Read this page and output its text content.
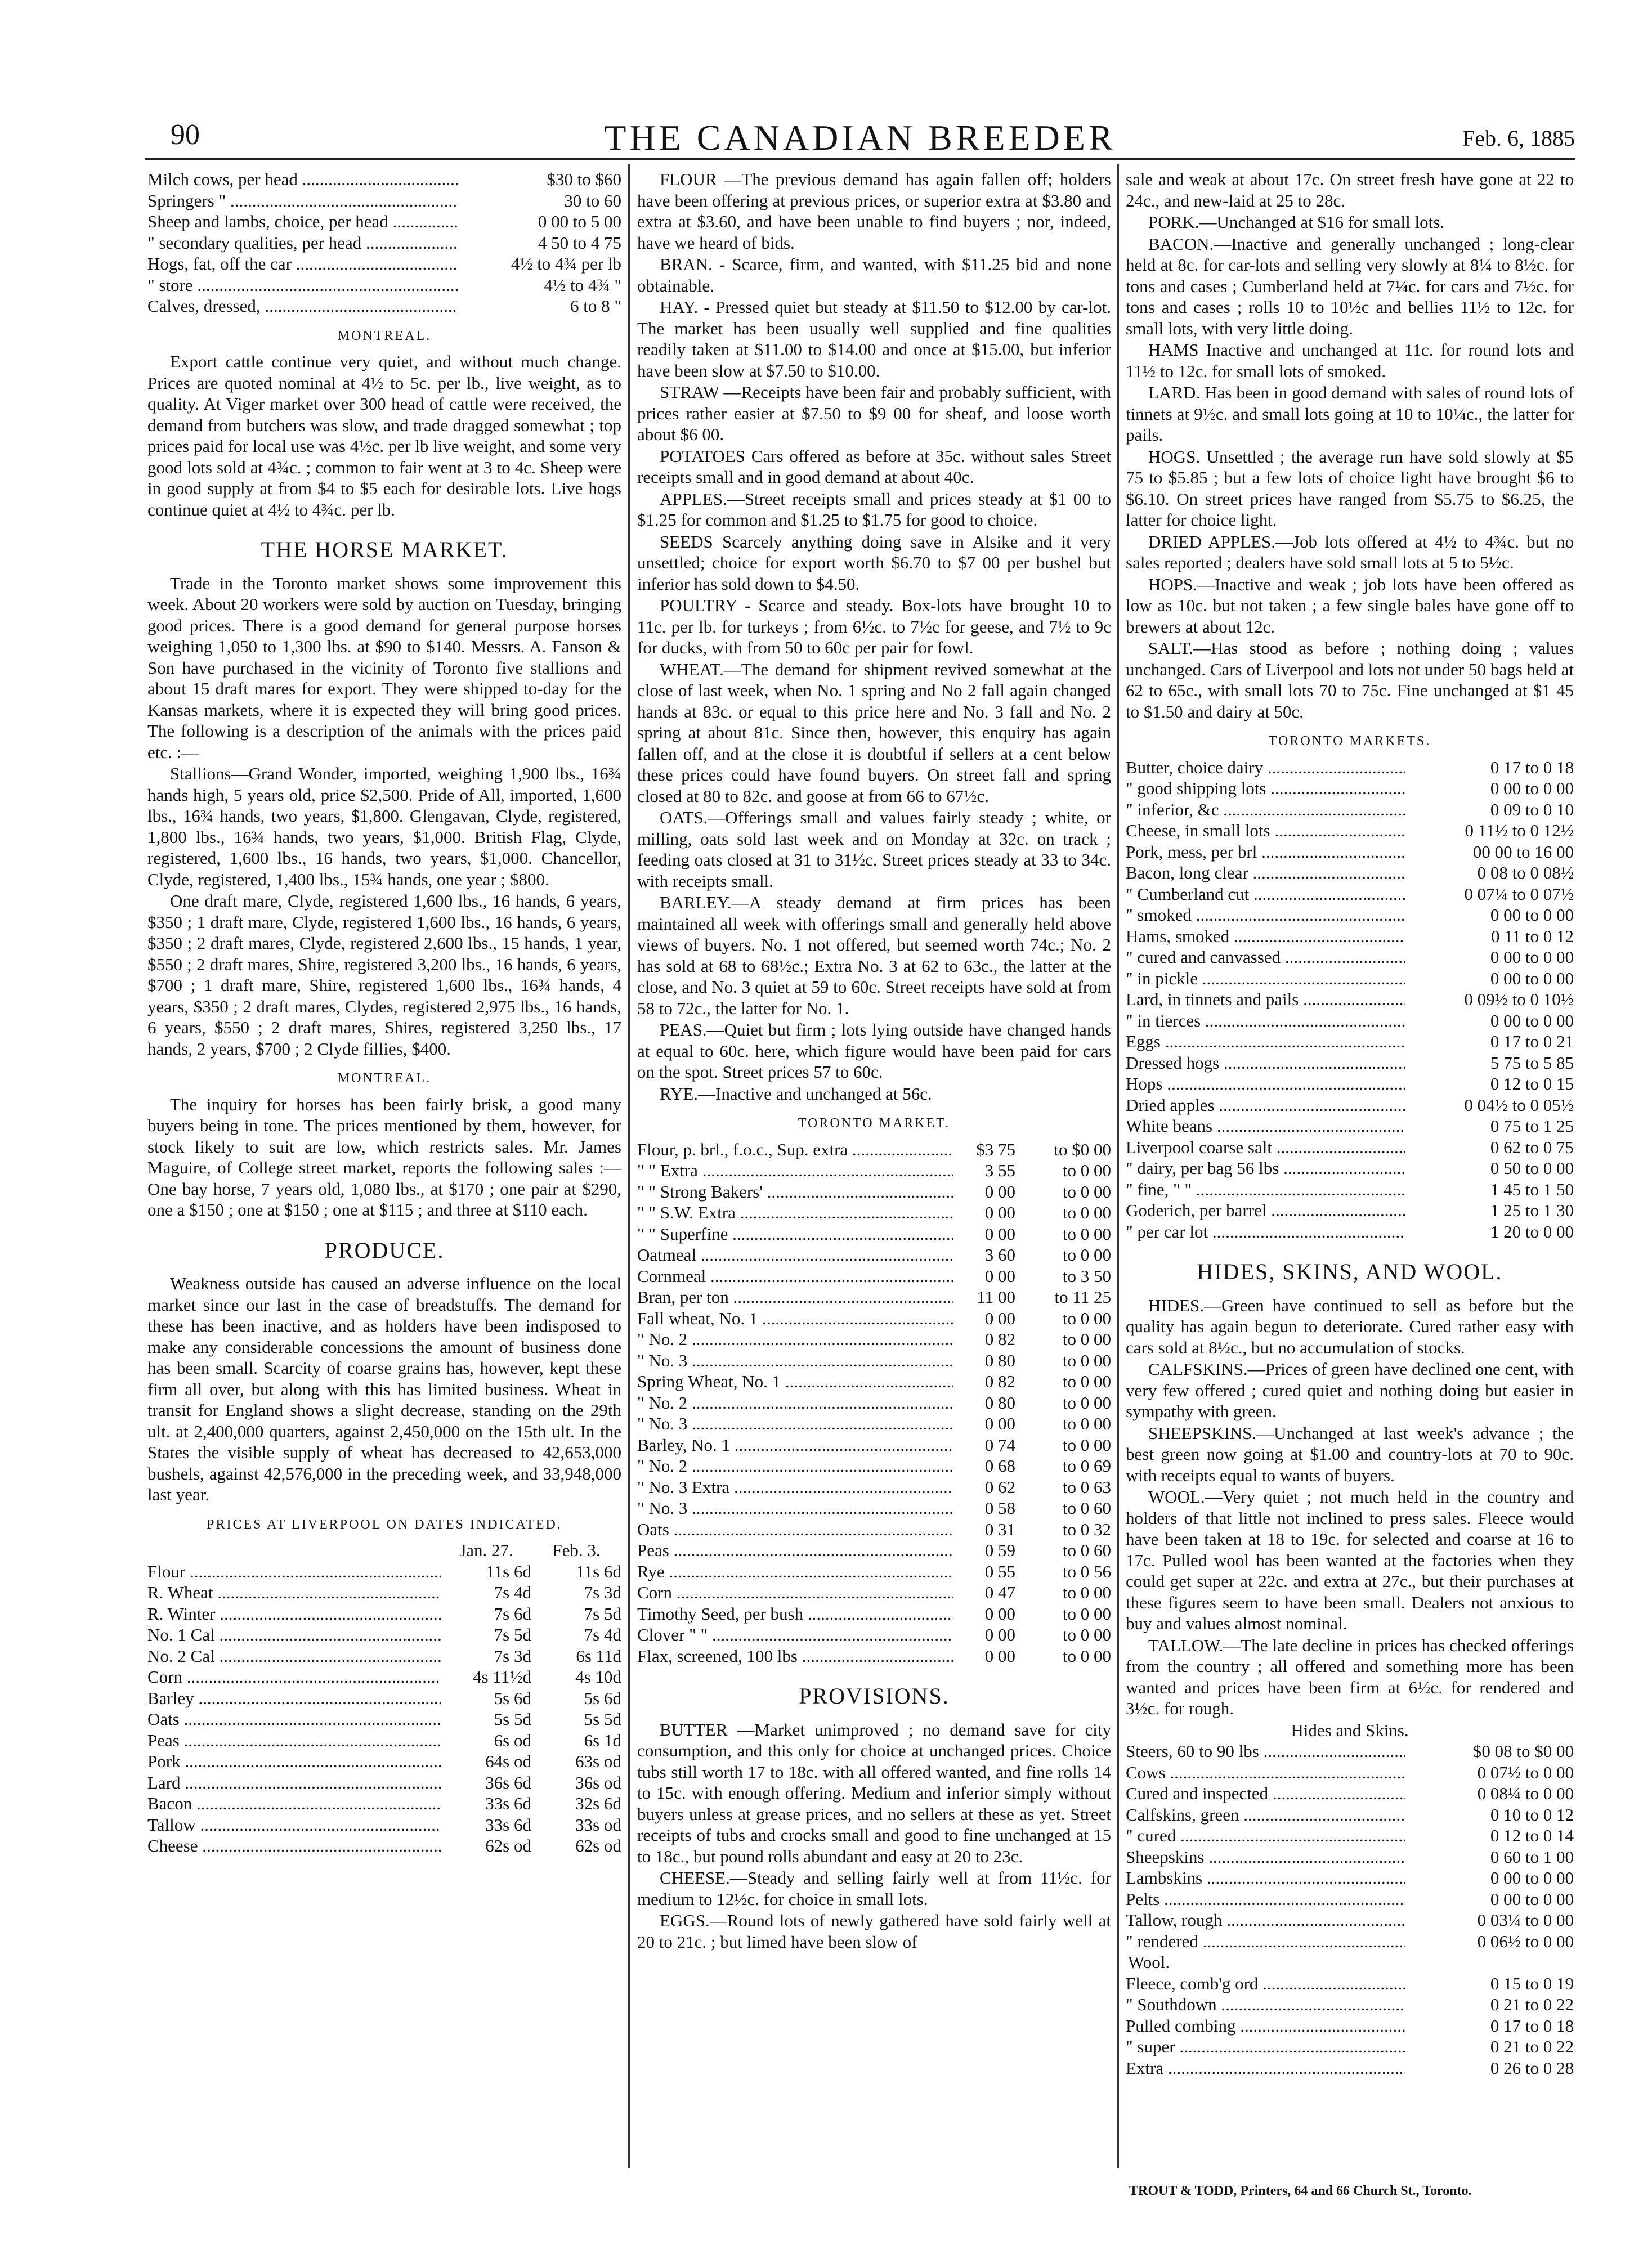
90	THE CANADIAN BREEDER	Feb. 6, 1885
Milch cows, per head .....	$30 to $60
Springers " .....	30 to 60
Sheep and lambs, choice, per head .....	0 00 to 5 00
" secondary qualities, per head .....	4 50 to 4 75
Hogs, fat, off the car .....	4½ to 4¾ per lb
" store .....	4½ to 4¾ "
Calves, dressed, .....	6 to 8 "
MONTREAL.

Export cattle continue very quiet, and without much change. Prices are quoted nominal at 4½ to 5c. per lb., live weight, as to quality. At Viger market over 300 head of cattle were received, the demand from butchers was slow, and trade dragged somewhat ; top prices paid for local use was 4½c. per lb live weight, and some very good lots sold at 4¾c. ; common to fair went at 3 to 4c. Sheep were in good supply at from $4 to $5 each for desirable lots. Live hogs continue quiet at 4½ to 4¾c. per lb.

THE HORSE MARKET.

Trade in the Toronto market shows some improvement this week. About 20 workers were sold by auction on Tuesday, bringing good prices. There is a good demand for general purpose horses weighing 1,050 to 1,300 lbs. at $90 to $140. Messrs. A. Fanson & Son have purchased in the vicinity of Toronto five stallions and about 15 draft mares for export. They were shipped to-day for the Kansas markets, where it is expected they will bring good prices. The following is a description of the animals with the prices paid etc. :—

Stallions—Grand Wonder, imported, weighing 1,900 lbs., 16¾ hands high, 5 years old, price $2,500. Pride of All, imported, 1,600 lbs., 16¾ hands, two years, $1,800. Glengavan, Clyde, registered, 1,800 lbs., 16¾ hands, two years, $1,000. British Flag, Clyde, registered, 1,600 lbs., 16 hands, two years, $1,000. Chancellor, Clyde, registered, 1,400 lbs., 15¾ hands, one year ; $800.

One draft mare, Clyde, registered 1,600 lbs., 16 hands, 6 years, $350 ; 1 draft mare, Clyde, registered 1,600 lbs., 16 hands, 6 years, $350 ; 2 draft mares, Clyde, registered 2,600 lbs., 15 hands, 1 year, $550 ; 2 draft mares, Shire, registered 3,200 lbs., 16 hands, 6 years, $700 ; 1 draft mare, Shire, registered 1,600 lbs., 16¾ hands, 4 years, $350 ; 2 draft mares, Clydes, registered 2,975 lbs., 16 hands, 6 years, $550 ; 2 draft mares, Shires, registered 3,250 lbs., 17 hands, 2 years, $700 ; 2 Clyde fillies, $400.

MONTREAL.

The inquiry for horses has been fairly brisk, a good many buyers being in tone. The prices mentioned by them, however, for stock likely to suit are low, which restricts sales. Mr. James Maguire, of College street market, reports the following sales :—One bay horse, 7 years old, 1,080 lbs., at $170 ; one pair at $290, one a $150 ; one at $150 ; one at $115 ; and three at $110 each.

PRODUCE.

Weakness outside has caused an adverse influence on the local market since our last in the case of breadstuffs. The demand for these has been inactive, and as holders have been indisposed to make any considerable concessions the amount of business done has been small. Scarcity of coarse grains has, however, kept these firm all over, but along with this has limited business. Wheat in transit for England shows a slight decrease, standing on the 29th ult. at 2,400,000 quarters, against 2,450,000 on the 15th ult. In the States the visible supply of wheat has decreased to 42,653,000 bushels, against 42,576,000 in the preceding week, and 33,948,000 last year.

PRICES AT LIVERPOOL ON DATES INDICATED.
Jan. 27.	Feb. 3.
Flour .....	11s 6d	11s 6d
R. Wheat .....	7s 4d	7s 3d
R. Winter .....	7s 6d	7s 5d
No. 1 Cal .....	7s 5d	7s 4d
No. 2 Cal .....	7s 3d	6s 11d
Corn .....	4s 11½d	4s 10d
Barley .....	5s 6d	5s 6d
Oats .....	5s 5d	5s 5d
Peas .....	6s od	6s 1d
Pork .....	64s od	63s od
Lard .....	36s 6d	36s od
Bacon .....	33s 6d	32s 6d
Tallow .....	33s 6d	33s od
Cheese .....	62s od	62s od

FLOUR —The previous demand has again fallen off; holders have been offering at previous prices, or superior extra at $3.80 and extra at $3.60, and have been unable to find buyers ; nor, indeed, have we heard of bids.

BRAN. - Scarce, firm, and wanted, with $11.25 bid and none obtainable.

HAY. - Pressed quiet but steady at $11.50 to $12.00 by car-lot. The market has been usually well supplied and fine qualities readily taken at $11.00 to $14.00 and once at $15.00, but inferior have been slow at $7.50 to $10.00.

STRAW —Receipts have been fair and probably sufficient, with prices rather easier at $7.50 to $9 00 for sheaf, and loose worth about $6 00.

POTATOES Cars offered as before at 35c. without sales Street receipts small and in good demand at about 40c.

APPLES.—Street receipts small and prices steady at $1 00 to $1.25 for common and $1.25 to $1.75 for good to choice.

SEEDS Scarcely anything doing save in Alsike and it very unsettled; choice for export worth $6.70 to $7 00 per bushel but inferior has sold down to $4.50.

POULTRY - Scarce and steady. Box-lots have brought 10 to 11c. per lb. for turkeys ; from 6½c. to 7½c for geese, and 7½ to 9c for ducks, with from 50 to 60c per pair for fowl.

WHEAT.—The demand for shipment revived somewhat at the close of last week, when No. 1 spring and No 2 fall again changed hands at 83c. or equal to this price here and No. 3 fall and No. 2 spring at about 81c. Since then, however, this enquiry has again fallen off, and at the close it is doubtful if sellers at a cent below these prices could have found buyers. On street fall and spring closed at 80 to 82c. and goose at from 66 to 67½c.

OATS.—Offerings small and values fairly steady ; white, or milling, oats sold last week and on Monday at 32c. on track ; feeding oats closed at 31 to 31½c. Street prices steady at 33 to 34c. with receipts small.

BARLEY.—A steady demand at firm prices has been maintained all week with offerings small and generally held above views of buyers. No. 1 not offered, but seemed worth 74c.; No. 2 has sold at 68 to 68½c.; Extra No. 3 at 62 to 63c., the latter at the close, and No. 3 quiet at 59 to 60c. Street receipts have sold at from 58 to 72c., the latter for No. 1.

PEAS.—Quiet but firm ; lots lying outside have changed hands at equal to 60c. here, which figure would have been paid for cars on the spot. Street prices 57 to 60c.

RYE.—Inactive and unchanged at 56c.

TORONTO MARKET.
Flour, p. brl., f.o.c., Sup. extra .....	$3 75	to $0 00
" " Extra .....	3 55	to 0 00
" " Strong Bakers' .....	0 00	to 0 00
" " S.W. Extra .....	0 00	to 0 00
" " Superfine .....	0 00	to 0 00
Oatmeal .....	3 60	to 0 00
Cornmeal .....	0 00	to 3 50
Bran, per ton .....	11 00	to 11 25
Fall wheat, No. 1 .....	0 00	to 0 00
" No. 2 .....	0 82	to 0 00
" No. 3 .....	0 80	to 0 00
Spring Wheat, No. 1 .....	0 82	to 0 00
" No. 2 .....	0 80	to 0 00
" No. 3 .....	0 00	to 0 00
Barley, No. 1 .....	0 74	to 0 00
" No. 2 .....	0 68	to 0 69
" No. 3 Extra .....	0 62	to 0 63
" No. 3 .....	0 58	to 0 60
Oats .....	0 31	to 0 32
Peas .....	0 59	to 0 60
Rye .....	0 55	to 0 56
Corn .....	0 47	to 0 00
Timothy Seed, per bush .....	0 00	to 0 00
Clover " " .....	0 00	to 0 00
Flax, screened, 100 lbs .....	0 00	to 0 00
PROVISIONS.

BUTTER —Market unimproved ; no demand save for city consumption, and this only for choice at unchanged prices. Choice tubs still worth 17 to 18c. with all offered wanted, and fine rolls 14 to 15c. with enough offering. Medium and inferior simply without buyers unless at grease prices, and no sellers at these as yet. Street receipts of tubs and crocks small and good to fine unchanged at 15 to 18c., but pound rolls abundant and easy at 20 to 23c.

CHEESE.—Steady and selling fairly well at from 11½c. for medium to 12½c. for choice in small lots.

EGGS.—Round lots of newly gathered have sold fairly well at 20 to 21c. ; but limed have been slow of

sale and weak at about 17c. On street fresh have gone at 22 to 24c., and new-laid at 25 to 28c.

PORK.—Unchanged at $16 for small lots.

BACON.—Inactive and generally unchanged ; long-clear held at 8c. for car-lots and selling very slowly at 8¼ to 8½c. for tons and cases ; Cumberland held at 7¼c. for cars and 7½c. for tons and cases ; rolls 10 to 10½c and bellies 11½ to 12c. for small lots, with very little doing.

HAMS Inactive and unchanged at 11c. for round lots and 11½ to 12c. for small lots of smoked.

LARD. Has been in good demand with sales of round lots of tinnets at 9½c. and small lots going at 10 to 10¼c., the latter for pails.

HOGS. Unsettled ; the average run have sold slowly at $5 75 to $5.85 ; but a few lots of choice light have brought $6 to $6.10. On street prices have ranged from $5.75 to $6.25, the latter for choice light.

DRIED APPLES.—Job lots offered at 4½ to 4¾c. but no sales reported ; dealers have sold small lots at 5 to 5½c.

HOPS.—Inactive and weak ; job lots have been offered as low as 10c. but not taken ; a few single bales have gone off to brewers at about 12c.

SALT.—Has stood as before ; nothing doing ; values unchanged. Cars of Liverpool and lots not under 50 bags held at 62 to 65c., with small lots 70 to 75c. Fine unchanged at $1 45 to $1.50 and dairy at 50c.

TORONTO MARKETS.
Butter, choice dairy .....	0 17 to 0 18
" good shipping lots .....	0 00 to 0 00
" inferior, &c .....	0 09 to 0 10
Cheese, in small lots .....	0 11½ to 0 12½
Pork, mess, per brl .....	00 00 to 16 00
Bacon, long clear .....	0 08 to 0 08½
" Cumberland cut .....	0 07¼ to 0 07½
" smoked .....	0 00 to 0 00
Hams, smoked .....	0 11 to 0 12
" cured and canvassed .....	0 00 to 0 00
" in pickle .....	0 00 to 0 00
Lard, in tinnets and pails .....	0 09½ to 0 10½
" in tierces .....	0 00 to 0 00
Eggs .....	0 17 to 0 21
Dressed hogs .....	5 75 to 5 85
Hops .....	0 12 to 0 15
Dried apples .....	0 04½ to 0 05½
White beans .....	0 75 to 1 25
Liverpool coarse salt .....	0 62 to 0 75
" dairy, per bag 56 lbs .....	0 50 to 0 00
" fine, " " .....	1 45 to 1 50
Goderich, per barrel .....	1 25 to 1 30
" per car lot .....	1 20 to 0 00
HIDES, SKINS, AND WOOL.

HIDES.—Green have continued to sell as before but the quality has again begun to deteriorate. Cured rather easy with cars sold at 8½c., but no accumulation of stocks.

CALFSKINS.—Prices of green have declined one cent, with very few offered ; cured quiet and nothing doing but easier in sympathy with green.

SHEEPSKINS.—Unchanged at last week's advance ; the best green now going at $1.00 and country-lots at 70 to 90c. with receipts equal to wants of buyers.

WOOL.—Very quiet ; not much held in the country and holders of that little not inclined to press sales. Fleece would have been taken at 18 to 19c. for selected and coarse at 16 to 17c. Pulled wool has been wanted at the factories when they could get super at 22c. and extra at 27c., but their purchases at these figures seem to have been small. Dealers not anxious to buy and values almost nominal.

TALLOW.—The late decline in prices has checked offerings from the country ; all offered and something more has been wanted and prices have been firm at 6½c. for rendered and 3½c. for rough.

Hides and Skins.
Steers, 60 to 90 lbs .....	$0 08 to $0 00
Cows .....	0 07½ to 0 00
Cured and inspected .....	0 08¼ to 0 00
Calfskins, green .....	0 10 to 0 12
" cured .....	0 12 to 0 14
Sheepskins .....	0 60 to 1 00
Lambskins .....	0 00 to 0 00
Pelts .....	0 00 to 0 00
Tallow, rough .....	0 03¼ to 0 00
" rendered .....	0 06½ to 0 00
Wool.
Fleece, comb'g ord .....	0 15 to 0 19
" Southdown .....	0 21 to 0 22
Pulled combing .....	0 17 to 0 18
" super .....	0 21 to 0 22
Extra .....	0 26 to 0 28
TROUT & TODD, Printers, 64 and 66 Church St., Toronto.
